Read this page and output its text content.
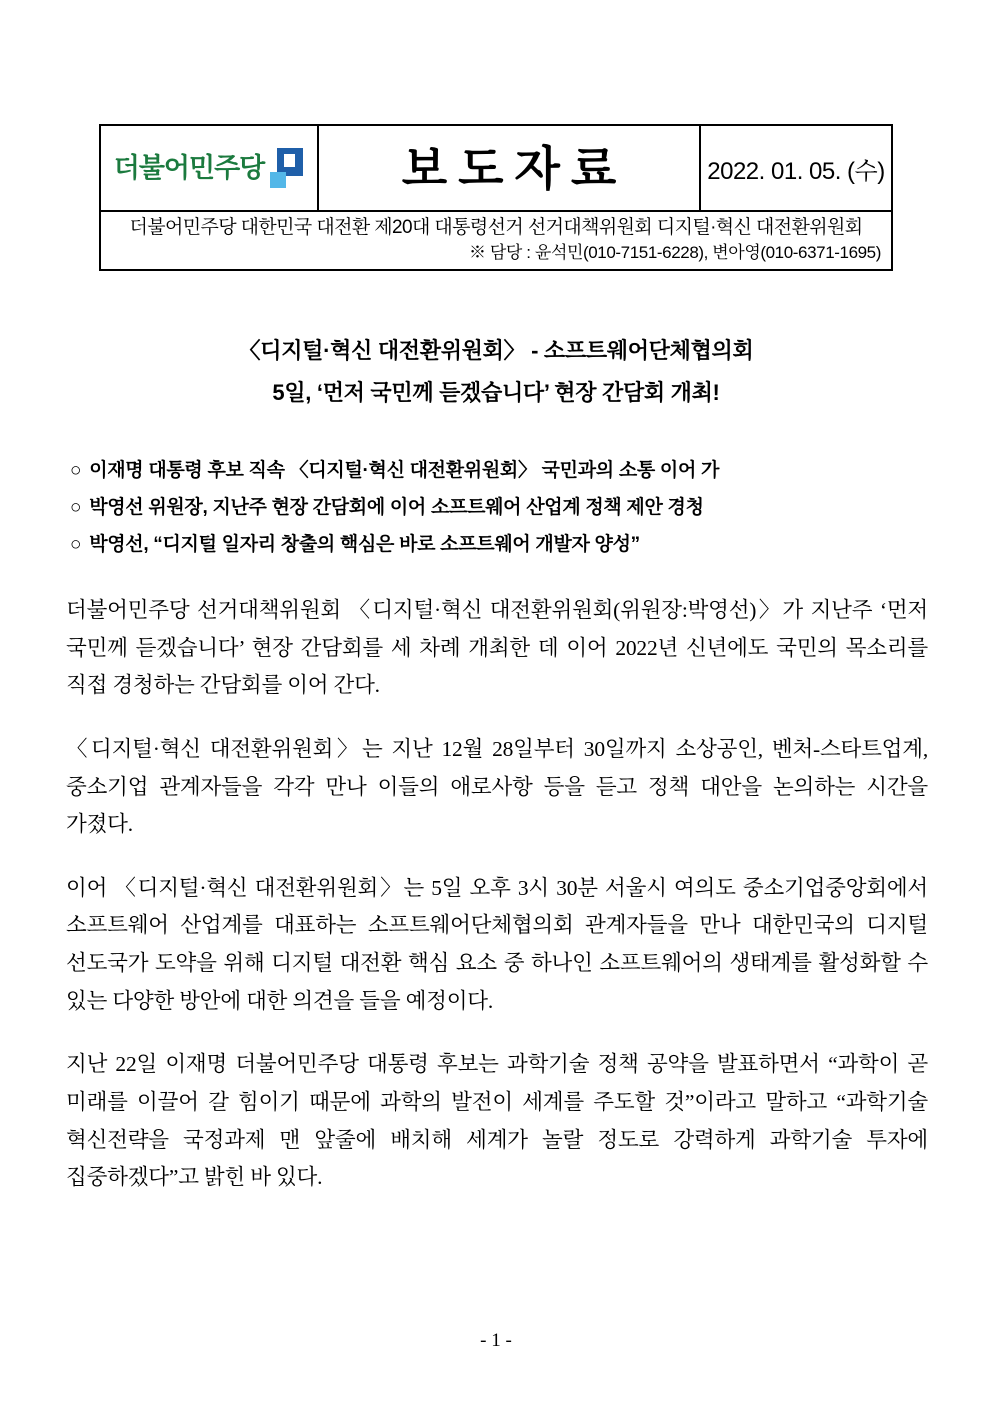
더불어민주당	보도자료	2022. 01. 05. (수)
더불어민주당 대한민국 대전환 제20대 대통령선거 선거대책위원회 디지털·혁신 대전환위원회
※ 담당 : 윤석민(010-7151-6228), 변아영(010-6371-1695)
〈디지털·혁신 대전환위원회〉 - 소프트웨어단체협의회
5일, ‘먼저 국민께 듣겠습니다’ 현장 간담회 개최!
○ 이재명 대통령 후보 직속 〈디지털·혁신 대전환위원회〉 국민과의 소통 이어 가
○ 박영선 위원장, 지난주 현장 간담회에 이어 소프트웨어 산업계 정책 제안 경청
○ 박영선, “디지털 일자리 창출의 핵심은 바로 소프트웨어 개발자 양성”

더불어민주당 선거대책위원회 〈디지털·혁신 대전환위원회(위원장:박영선)〉가 지난주 ‘먼저 국민께 듣겠습니다’ 현장 간담회를 세 차례 개최한 데 이어 2022년 신년에도 국민의 목소리를 직접 경청하는 간담회를 이어 간다.

〈디지털·혁신 대전환위원회〉는 지난 12월 28일부터 30일까지 소상공인, 벤처-스타트업계, 중소기업 관계자들을 각각 만나 이들의 애로사항 등을 듣고 정책 대안을 논의하는 시간을 가졌다.

이어 〈디지털·혁신 대전환위원회〉는 5일 오후 3시 30분 서울시 여의도 중소기업중앙회에서 소프트웨어 산업계를 대표하는 소프트웨어단체협의회 관계자들을 만나 대한민국의 디지털 선도국가 도약을 위해 디지털 대전환 핵심 요소 중 하나인 소프트웨어의 생태계를 활성화할 수 있는 다양한 방안에 대한 의견을 들을 예정이다.

지난 22일 이재명 더불어민주당 대통령 후보는 과학기술 정책 공약을 발표하면서 “과학이 곧 미래를 이끌어 갈 힘이기 때문에 과학의 발전이 세계를 주도할 것”이라고 말하고 “과학기술 혁신전략을 국정과제 맨 앞줄에 배치해 세계가 놀랄 정도로 강력하게 과학기술 투자에 집중하겠다”고 밝힌 바 있다.

- 1 -
